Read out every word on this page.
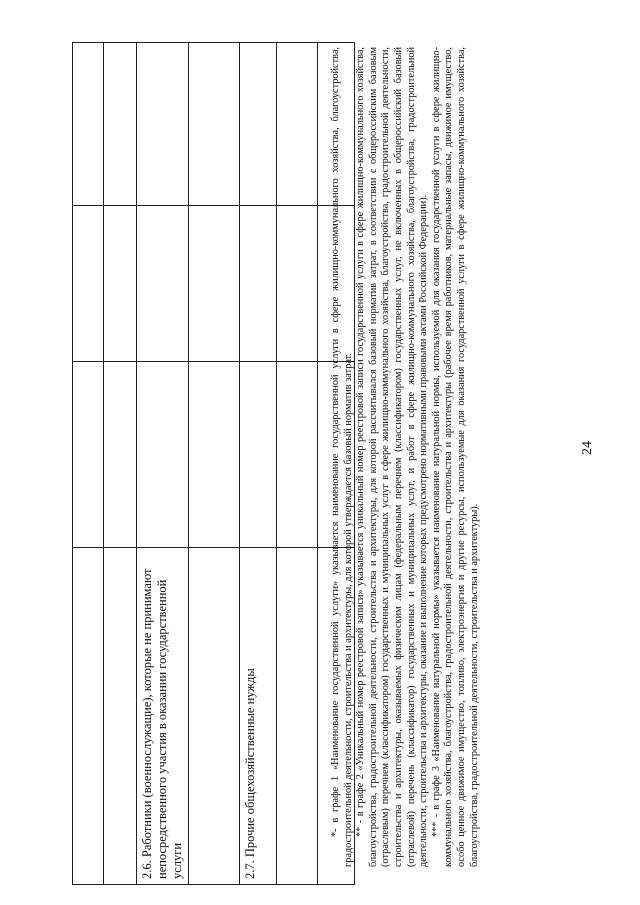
24

2.6. Работники (военнослужащие), которые не принимают непосредственного участия в оказании государственной услуги			

2.7. Прочие общехозяйственные нужды			

				*- в графе 1 «Наименование государственной услуги» указывается наименование государственной услуги в сфере жилищно-коммунального хозяйства, благоустройства, градостроительной деятельности, строительства и архитектуры, для которой утверждается базовый норматив затрат. ** - в графе 2 «Уникальный номер реестровой записи» указывается уникальный номер реестровой записи государственной услуги в сфере жилищно-коммунального хозяйства, благоустройства, градостроительной деятельности, строительства и архитектуры, для которой рассчитывался базовый норматив затрат, в соответствии с общероссийским базовым (отраслевым) перечнем (классификатором) государственных и муниципальных услуг в сфере жилищно-коммунального хозяйства, благоустройства, градостроительной деятельности, строительства и архитектуры, оказываемых физическим лицам (федеральным перечнем (классификатором) государственных услуг, не включенных в общероссийский базовый (отраслевой) перечень (классификатор) государственных и муниципальных услуг, и работ в сфере жилищно-коммунального хозяйства, благоустройства, градостроительной деятельности, строительства и архитектуры, оказание и выполнение которых предусмотрено нормативными правовыми актами Российской Федерации). *** - в графе 3 «Наименование натуральной нормы» указывается наименование натуральной нормы, используемой для оказания государственной услуги в сфере жилищно-коммунального хозяйства, благоустройства, градостроительной деятельности, строительства и архитектуры (рабочее время работников, материальные запасы, движимое имущество, особо ценное движимое имущество, топливо, электроэнергия и другие ресурсы, используемые для оказания государственной услуги в сфере жилищно-коммунального хозяйства, благоустройства, градостроительной деятельности, строительства и архитектуры).
